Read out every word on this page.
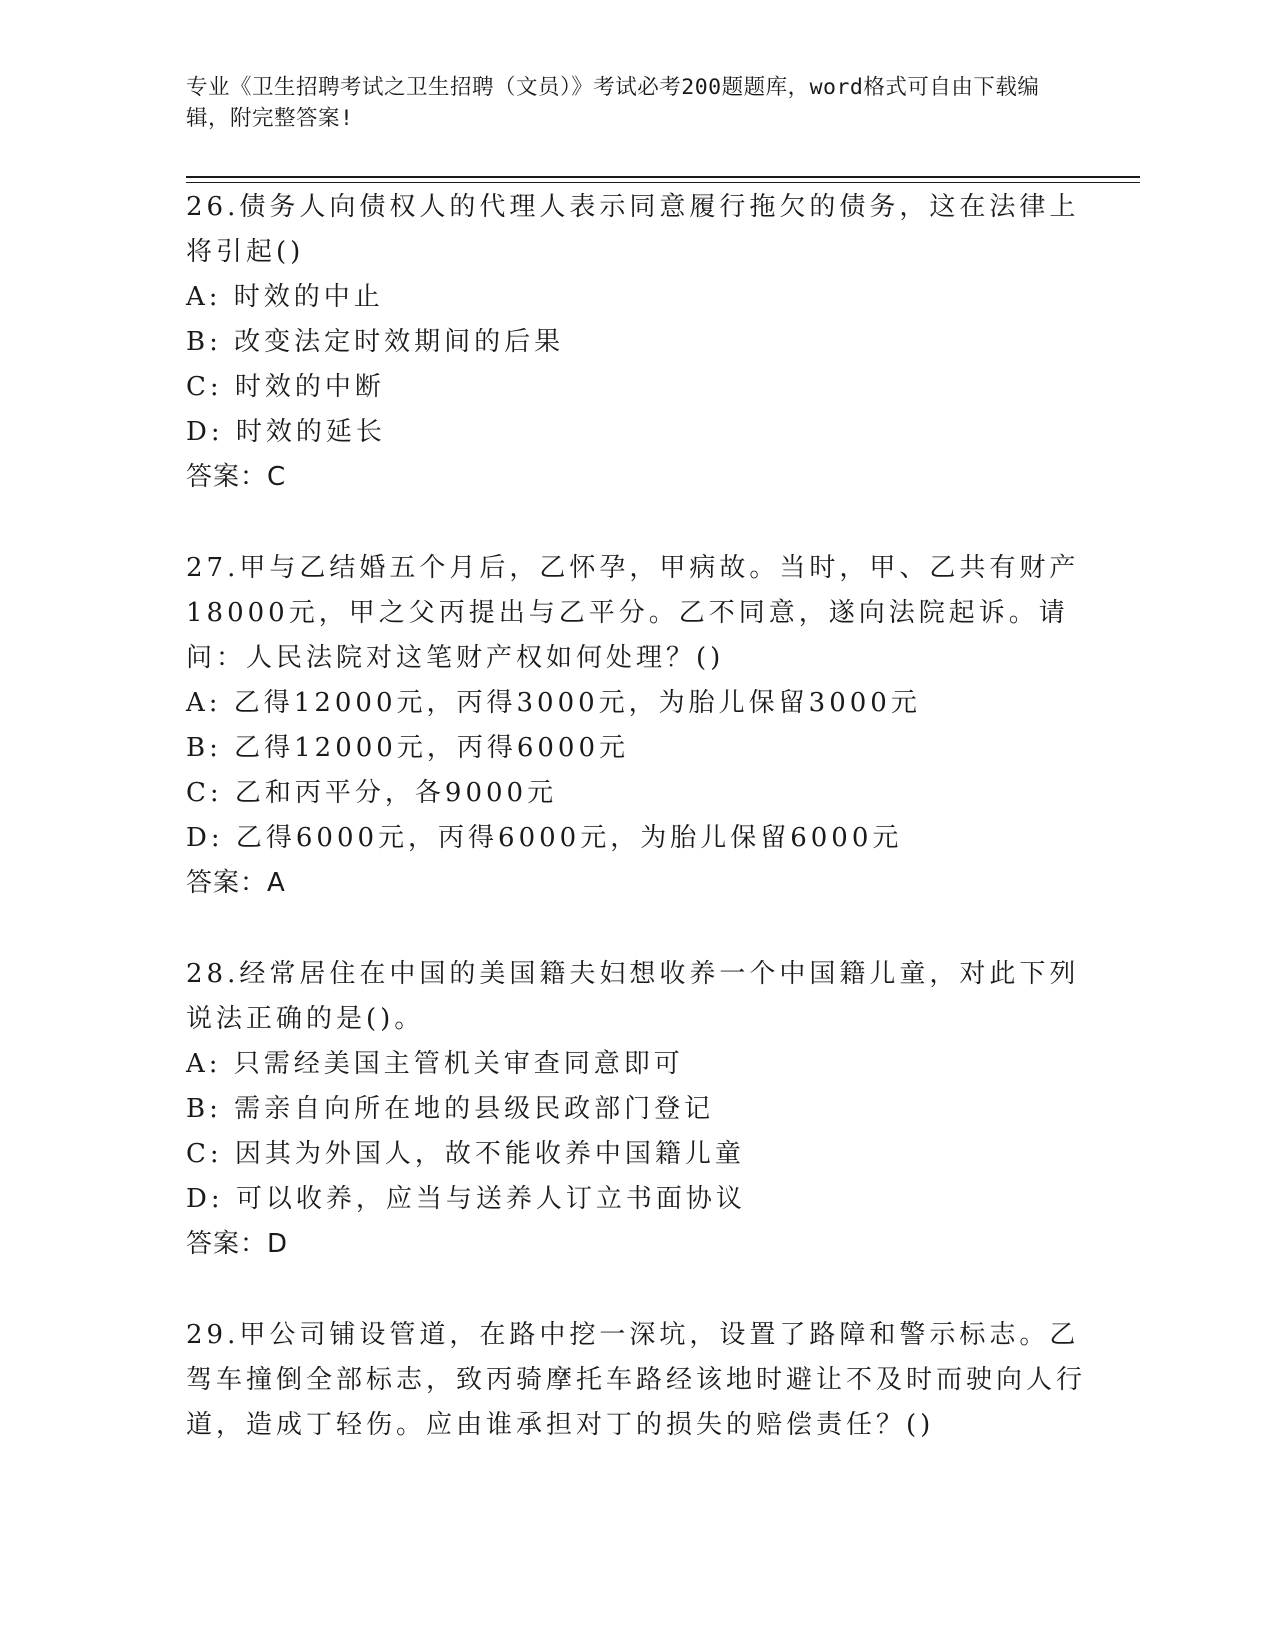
专业《卫生招聘考试之卫生招聘（文员）》考试必考200题题库，word格式可自由下载编辑，附完整答案!

26.债务人向债权人的代理人表示同意履行拖欠的债务，这在法律上将引起()

A: 时效的中止

B: 改变法定时效期间的后果

C: 时效的中断

D: 时效的延长

答案：C

27.甲与乙结婚五个月后，乙怀孕，甲病故。当时，甲、乙共有财产18000元，甲之父丙提出与乙平分。乙不同意，遂向法院起诉。请问：人民法院对这笔财产权如何处理？()

A: 乙得12000元，丙得3000元，为胎儿保留3000元

B: 乙得12000元，丙得6000元

C: 乙和丙平分，各9000元

D: 乙得6000元，丙得6000元，为胎儿保留6000元

答案：A

28.经常居住在中国的美国籍夫妇想收养一个中国籍儿童，对此下列说法正确的是()。

A: 只需经美国主管机关审查同意即可

B: 需亲自向所在地的县级民政部门登记

C: 因其为外国人，故不能收养中国籍儿童

D: 可以收养，应当与送养人订立书面协议

答案：D

29.甲公司铺设管道，在路中挖一深坑，设置了路障和警示标志。乙驾车撞倒全部标志，致丙骑摩托车路经该地时避让不及时而驶向人行道，造成丁轻伤。应由谁承担对丁的损失的赔偿责任？()
